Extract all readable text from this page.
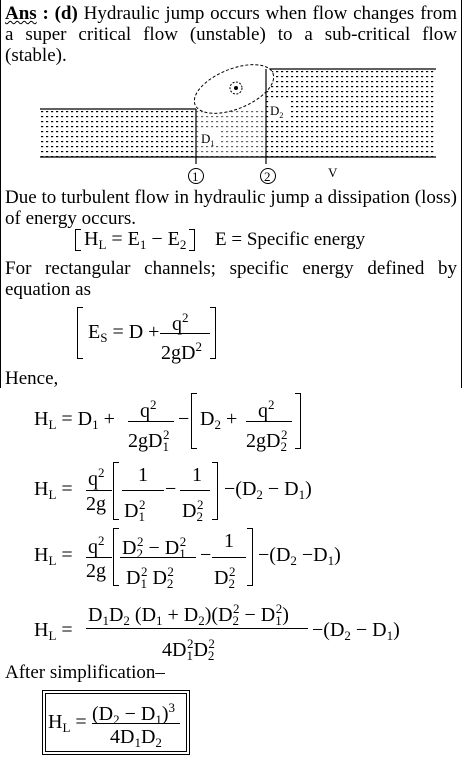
Ans : (d) Hydraulic jump occurs when flow changes from a super critical flow (unstable) to a sub-critical flow (stable).
$D_1$
$D_2$
1	2	V
Due to turbulent flow in hydraulic jump a dissipation (loss) of energy occurs.
$H_L = E_1 - E_2$ E = Specific energy
For rectangular channels; specific energy defined by equation as
$E_S = D + q^2$
$2gD^2$
Hence,
$H_L = D_1 + q^2$
$2gD_1^2$
− $D_2 + q^2$
$2gD_2^2$
$H_L = q^2$
2g
1
$D_1^2$
−
1
$D_2^2$
$-(D_2 - D_1)$
$H_L = q^2$
2g
$D_2^2 - D_1^2$
$D_1^2$ $D_2^2$
−
1
$D_2^2$
$-(D_2 -D_1)$
$H_L$ =
$D_1D_2$ $(D_1 + D_2)(D_2^2 - D_1^2)$
$4D_1^2D_2^2$
$-(D_2 - D_1)$
After simplification–
$H_L = (D_2 - D_1)^3$
$4D_1D_2$
